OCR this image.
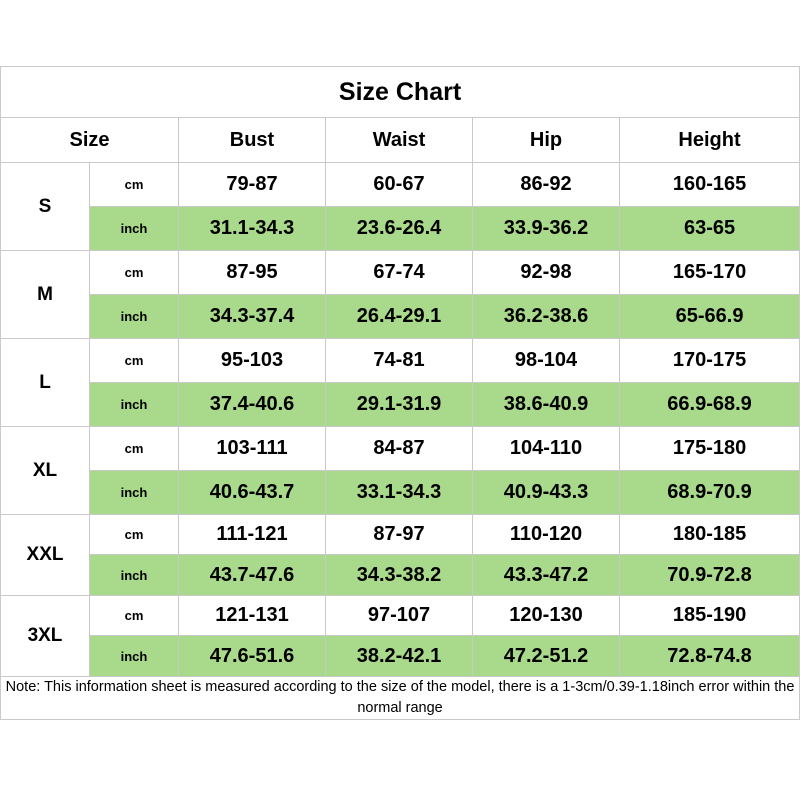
Size Chart					
Size		Bust	Waist	Hip	Height
S	cm	79-87	60-67	86-92	160-165
	inch	31.1-34.3	23.6-26.4	33.9-36.2	63-65
M	cm	87-95	67-74	92-98	165-170
	inch	34.3-37.4	26.4-29.1	36.2-38.6	65-66.9
L	cm	95-103	74-81	98-104	170-175
	inch	37.4-40.6	29.1-31.9	38.6-40.9	66.9-68.9
XL	cm	103-111	84-87	104-110	175-180
	inch	40.6-43.7	33.1-34.3	40.9-43.3	68.9-70.9
XXL	cm	111-121	87-97	110-120	180-185
	inch	43.7-47.6	34.3-38.2	43.3-47.2	70.9-72.8
3XL	cm	121-131	97-107	120-130	185-190
	inch	47.6-51.6	38.2-42.1	47.2-51.2	72.8-74.8
Note: This information sheet is measured according to the size of the model, there is a 1-3cm/0.39-1.18inch error within the normal range					
